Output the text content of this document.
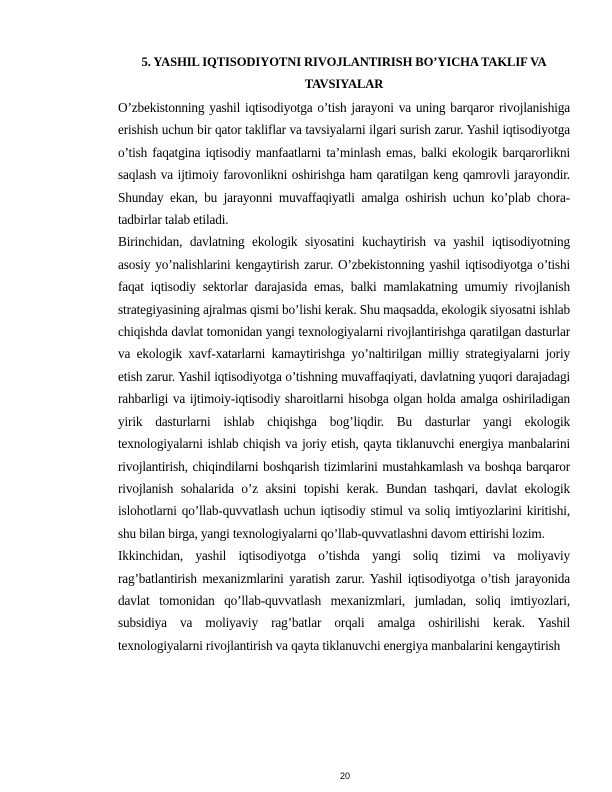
5. YASHIL IQTISODIYOTNI RIVOJLANTIRISH BO’YICHA TAKLIF VA TAVSIYALAR

O’zbekistonning yashil iqtisodiyotga o’tish jarayoni va uning barqaror rivojlanishiga erishish uchun bir qator takliflar va tavsiyalarni ilgari surish zarur. Yashil iqtisodiyotga o’tish faqatgina iqtisodiy manfaatlarni ta’minlash emas, balki ekologik barqarorlikni saqlash va ijtimoiy farovonlikni oshirishga ham qaratilgan keng qamrovli jarayondir. Shunday ekan, bu jarayonni muvaffaqiyatli amalga oshirish uchun ko’plab chora-tadbirlar talab etiladi.

Birinchidan, davlatning ekologik siyosatini kuchaytirish va yashil iqtisodiyotning asosiy yo’nalishlarini kengaytirish zarur. O’zbekistonning yashil iqtisodiyotga o’tishi faqat iqtisodiy sektorlar darajasida emas, balki mamlakatning umumiy rivojlanish strategiyasining ajralmas qismi bo’lishi kerak. Shu maqsadda, ekologik siyosatni ishlab chiqishda davlat tomonidan yangi texnologiyalarni rivojlantirishga qaratilgan dasturlar va ekologik xavf-xatarlarni kamaytirishga yo’naltirilgan milliy strategiyalarni joriy etish zarur. Yashil iqtisodiyotga o’tishning muvaffaqiyati, davlatning yuqori darajadagi rahbarligi va ijtimoiy-iqtisodiy sharoitlarni hisobga olgan holda amalga oshiriladigan yirik dasturlarni ishlab chiqishga bog’liqdir. Bu dasturlar yangi ekologik texnologiyalarni ishlab chiqish va joriy etish, qayta tiklanuvchi energiya manbalarini rivojlantirish, chiqindilarni boshqarish tizimlarini mustahkamlash va boshqa barqaror rivojlanish sohalarida o’z aksini topishi kerak. Bundan tashqari, davlat ekologik islohotlarni qo’llab-quvvatlash uchun iqtisodiy stimul va soliq imtiyozlarini kiritishi, shu bilan birga, yangi texnologiyalarni qo’llab-quvvatlashni davom ettirishi lozim.

Ikkinchidan, yashil iqtisodiyotga o’tishda yangi soliq tizimi va moliyaviy rag’batlantirish mexanizmlarini yaratish zarur. Yashil iqtisodiyotga o’tish jarayonida davlat tomonidan qo’llab-quvvatlash mexanizmlari, jumladan, soliq imtiyozlari, subsidiya va moliyaviy rag’batlar orqali amalga oshirilishi kerak. Yashil texnologiyalarni rivojlantirish va qayta tiklanuvchi energiya manbalarini kengaytirish

20
